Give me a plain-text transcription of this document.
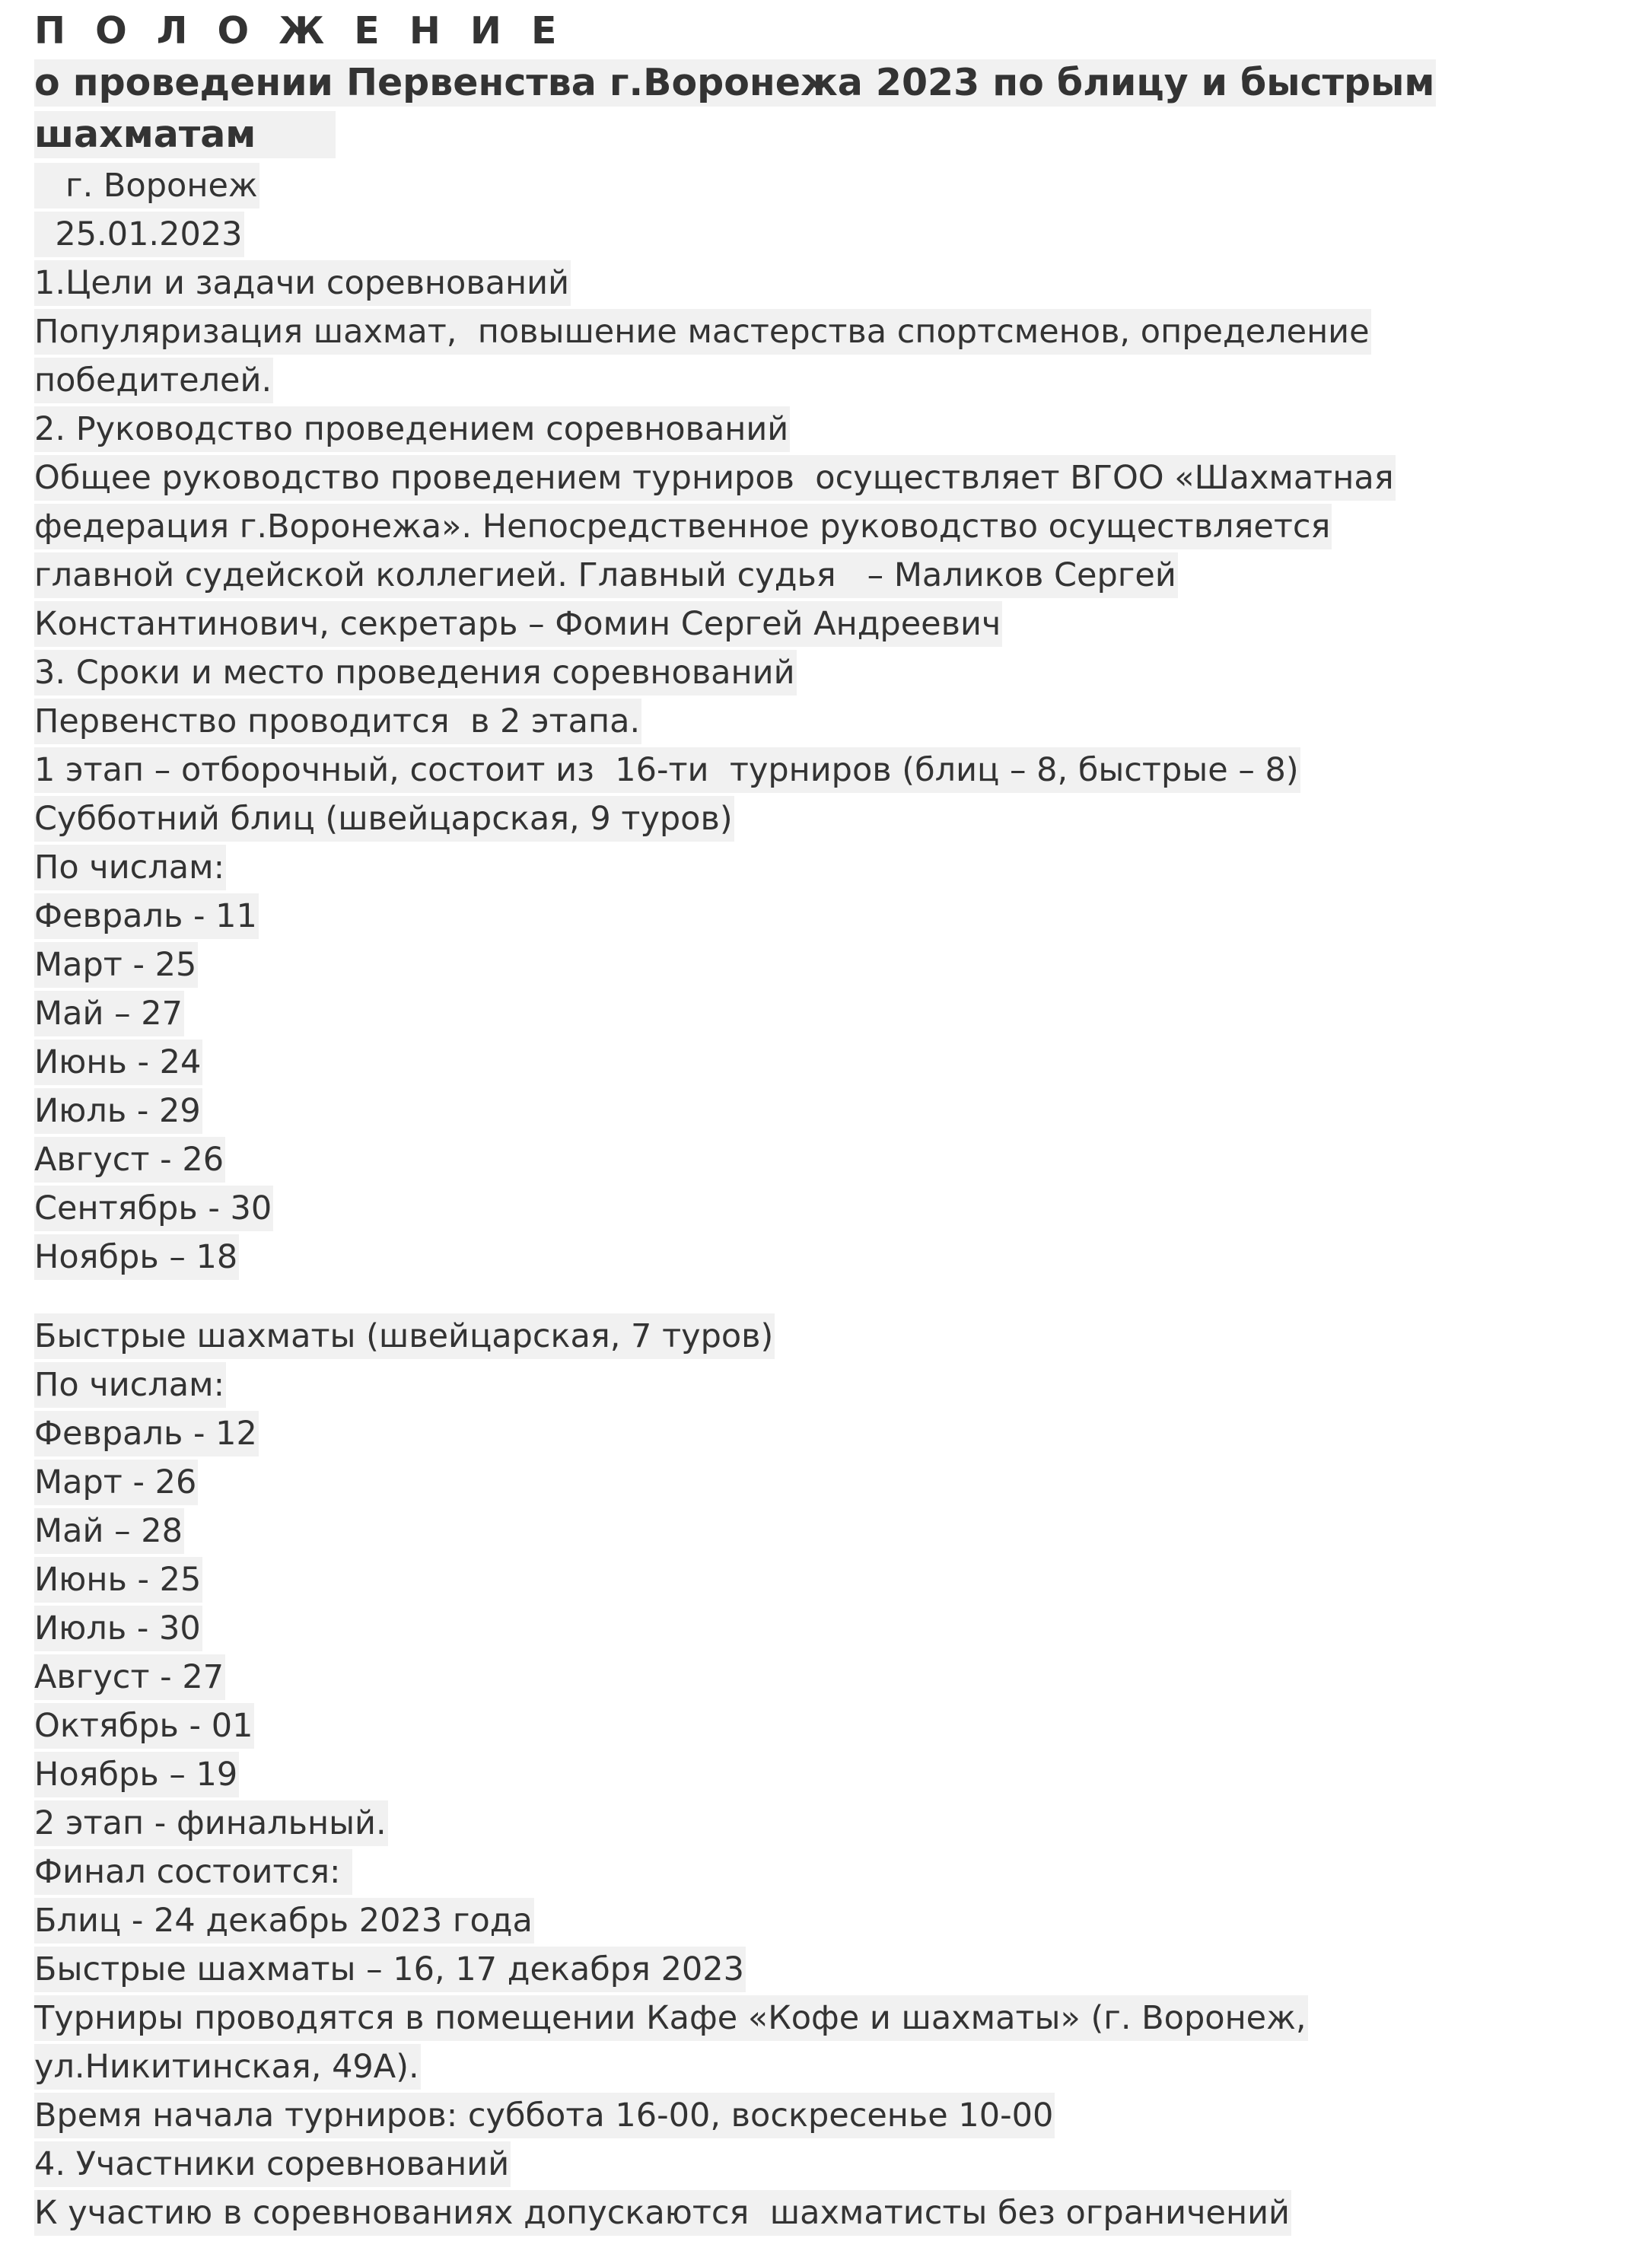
П О Л О Ж Е Н И Е
о проведении Первенства г.Воронежа 2023 по блицу и быстрым
шахматам
г. Воронеж
25.01.2023
1.Цели и задачи соревнований
Популяризация шахмат,  повышение мастерства спортсменов, определение
победителей.
2. Руководство проведением соревнований
Общее руководство проведением турниров  осуществляет ВГОО «Шахматная
федерация г.Воронежа». Непосредственное руководство осуществляется
главной судейской коллегией. Главный судья   – Маликов Сергей
Константинович, секретарь – Фомин Сергей Андреевич
3. Сроки и место проведения соревнований
Первенство проводится  в 2 этапа.
1 этап – отборочный, состоит из  16-ти  турниров (блиц – 8, быстрые – 8)
Субботний блиц (швейцарская, 9 туров)
По числам:
Февраль - 11
Март - 25
Май – 27
Июнь - 24
Июль - 29
Август - 26
Сентябрь - 30
Ноябрь – 18
Быстрые шахматы (швейцарская, 7 туров)
По числам:
Февраль - 12
Март - 26
Май – 28
Июнь - 25
Июль - 30
Август - 27
Октябрь - 01
Ноябрь – 19
2 этап - финальный.
Финал состоится:
Блиц - 24 декабрь 2023 года
Быстрые шахматы – 16, 17 декабря 2023
Турниры проводятся в помещении Кафе «Кофе и шахматы» (г. Воронеж,
ул.Никитинская, 49А).
Время начала турниров: суббота 16-00, воскресенье 10-00
4. Участники соревнований
К участию в соревнованиях допускаются  шахматисты без ограничений
